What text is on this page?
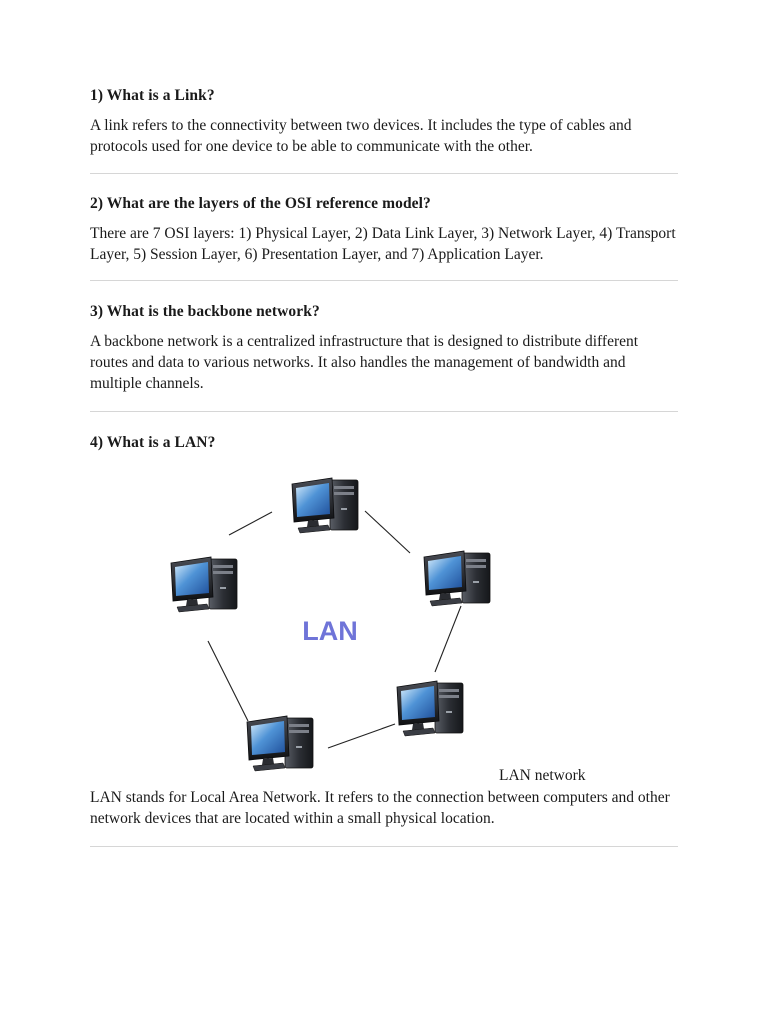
1) What is a Link?

A link refers to the connectivity between two devices. It includes the type of cables and protocols used for one device to be able to communicate with the other.

2) What are the layers of the OSI reference model?

There are 7 OSI layers: 1) Physical Layer, 2) Data Link Layer, 3) Network Layer, 4) Transport Layer, 5) Session Layer, 6) Presentation Layer, and 7) Application Layer.

3) What is the backbone network?

A backbone network is a centralized infrastructure that is designed to distribute different routes and data to various networks. It also handles the management of bandwidth and multiple channels.

4) What is a LAN?

LAN
LAN network

LAN stands for Local Area Network. It refers to the connection between computers and other network devices that are located within a small physical location.
